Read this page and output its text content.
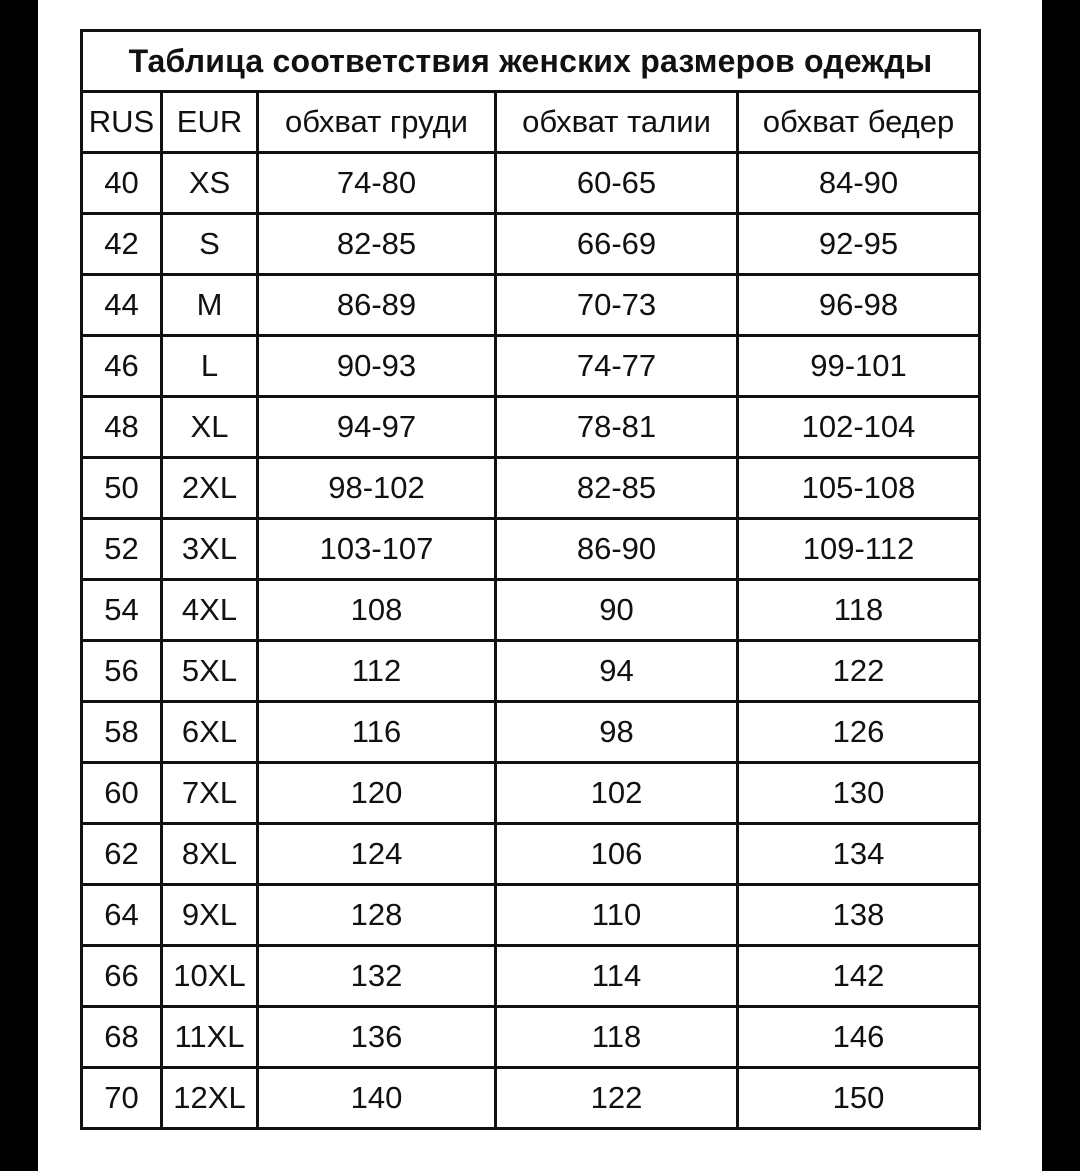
Таблица соответствия женских размеров одежды				
RUS	EUR	обхват груди	обхват талии	обхват бедер
40	XS	74-80	60-65	84-90
42	S	82-85	66-69	92-95
44	M	86-89	70-73	96-98
46	L	90-93	74-77	99-101
48	XL	94-97	78-81	102-104
50	2XL	98-102	82-85	105-108
52	3XL	103-107	86-90	109-112
54	4XL	108	90	118
56	5XL	112	94	122
58	6XL	116	98	126
60	7XL	120	102	130
62	8XL	124	106	134
64	9XL	128	110	138
66	10XL	132	114	142
68	11XL	136	118	146
70	12XL	140	122	150
